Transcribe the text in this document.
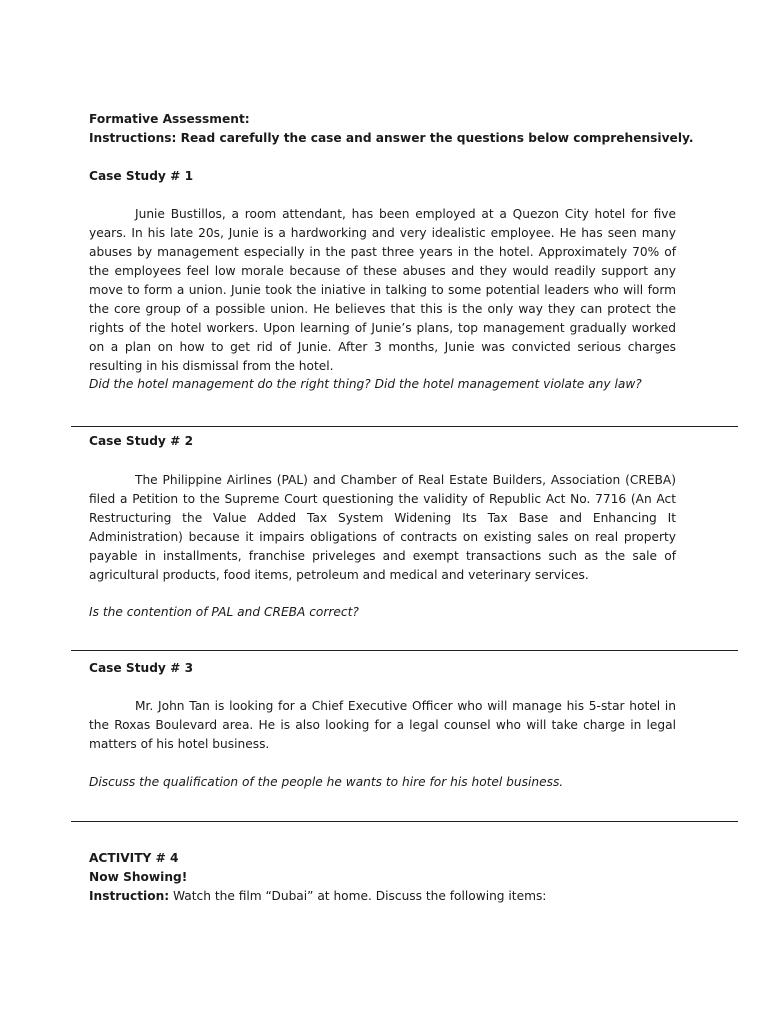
Formative Assessment:
Instructions: Read carefully the case and answer the questions below comprehensively.
Case Study # 1

Junie Bustillos, a room attendant, has been employed at a Quezon City hotel for five years. In his late 20s, Junie is a hardworking and very idealistic employee. He has seen many abuses by management especially in the past three years in the hotel. Approximately 70% of the employees feel low morale because of these abuses and they would readily support any move to form a union. Junie took the iniative in talking to some potential leaders who will form the core group of a possible union. He believes that this is the only way they can protect the rights of the hotel workers. Upon learning of Junie’s plans, top management gradually worked on a plan on how to get rid of Junie. After 3 months, Junie was convicted serious charges resulting in his dismissal from the hotel.

Did the hotel management do the right thing? Did the hotel management violate any law?
Case Study # 2

The Philippine Airlines (PAL) and Chamber of Real Estate Builders, Association (CREBA) filed a Petition to the Supreme Court questioning the validity of Republic Act No. 7716 (An Act Restructuring the Value Added Tax System Widening Its Tax Base and Enhancing It Administration) because it impairs obligations of contracts on existing sales on real property payable in installments, franchise priveleges and exempt transactions such as the sale of agricultural products, food items, petroleum and medical and veterinary services.

Is the contention of PAL and CREBA correct?
Case Study # 3

Mr. John Tan is looking for a Chief Executive Officer who will manage his 5-star hotel in the Roxas Boulevard area. He is also looking for a legal counsel who will take charge in legal matters of his hotel business.

Discuss the qualification of the people he wants to hire for his hotel business.
ACTIVITY # 4
Now Showing!
Instruction: Watch the film “Dubai” at home. Discuss the following items:
